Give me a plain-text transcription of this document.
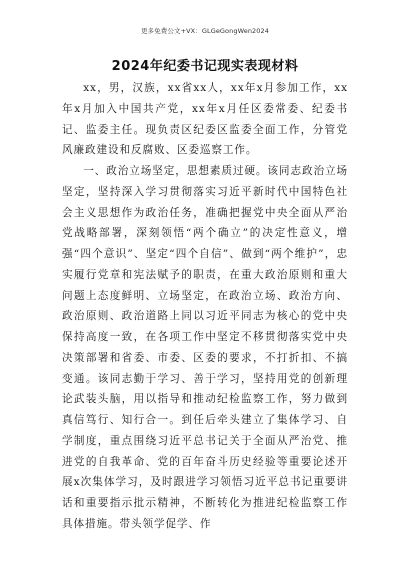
更多免费公文+VX：GLGeGongWen2024
2024年纪委书记现实表现材料

xx，男，汉族，xx省xx人，xx年x月参加工作，xx年x月加入中国共产党，xx年x月任区委常委、纪委书记、监委主任。现负责区纪委区监委全面工作，分管党风廉政建设和反腐败、区委巡察工作。

一、政治立场坚定，思想素质过硬。该同志政治立场坚定，坚持深入学习贯彻落实习近平新时代中国特色社会主义思想作为政治任务，准确把握党中央全面从严治党战略部署，深刻领悟“两个确立”的决定性意义，增强“四个意识”、坚定“四个自信”、做到“两个维护”，忠实履行党章和宪法赋予的职责，在重大政治原则和重大问题上态度鲜明、立场坚定，在政治立场、政治方向、政治原则、政治道路上同以习近平同志为核心的党中央保持高度一致，在各项工作中坚定不移贯彻落实党中央决策部署和省委、市委、区委的要求，不打折扣、不搞变通。该同志勤于学习、善于学习，坚持用党的创新理论武装头脑，用以指导和推动纪检监察工作，努力做到真信笃行、知行合一。到任后牵头建立了集体学习、自学制度，重点围绕习近平总书记关于全面从严治党、推进党的自我革命、党的百年奋斗历史经验等重要论述开展x次集体学习，及时跟进学习领悟习近平总书记重要讲话和重要指示批示精神，不断转化为推进纪检监察工作具体措施。带头领学促学、作
